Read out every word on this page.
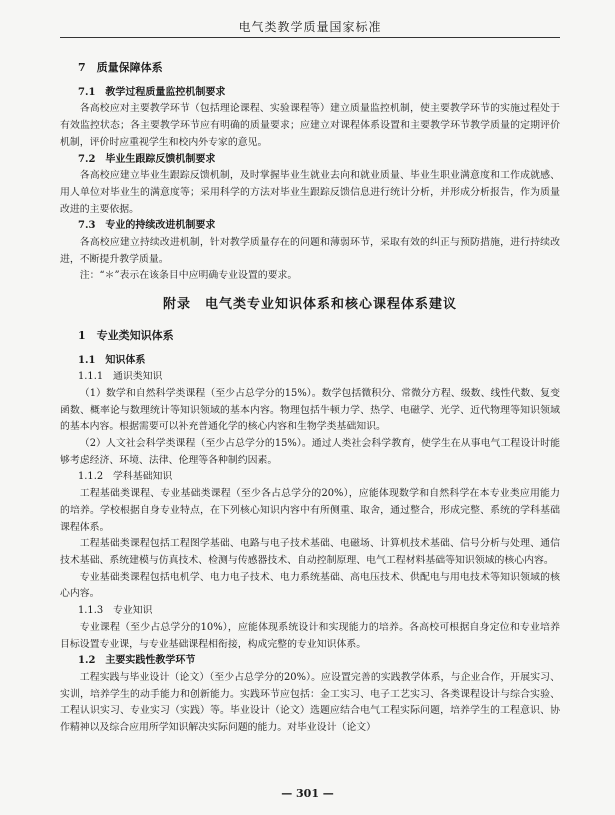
电气类教学质量国家标准

7　质量保障体系

7.1　教学过程质量监控机制要求

各高校应对主要教学环节（包括理论课程、实验课程等）建立质量监控机制，使主要教学环节的实施过程处于有效监控状态；各主要教学环节应有明确的质量要求；应建立对课程体系设置和主要教学环节教学质量的定期评价机制，评价时应重视学生和校内外专家的意见。

7.2　毕业生跟踪反馈机制要求

各高校应建立毕业生跟踪反馈机制，及时掌握毕业生就业去向和就业质量、毕业生职业满意度和工作成就感、用人单位对毕业生的满意度等；采用科学的方法对毕业生跟踪反馈信息进行统计分析，并形成分析报告，作为质量改进的主要依据。

7.3　专业的持续改进机制要求

各高校应建立持续改进机制，针对教学质量存在的问题和薄弱环节，采取有效的纠正与预防措施，进行持续改进，不断提升教学质量。

注：“＊”表示在该条目中应明确专业设置的要求。

附录　电气类专业知识体系和核心课程体系建议

1　专业类知识体系

1.1　知识体系

1.1.1　通识类知识

（1）数学和自然科学类课程（至少占总学分的15%）。数学包括微积分、常微分方程、级数、线性代数、复变函数、概率论与数理统计等知识领域的基本内容。物理包括牛顿力学、热学、电磁学、光学、近代物理等知识领域的基本内容。根据需要可以补充普通化学的核心内容和生物学类基础知识。

（2）人文社会科学类课程（至少占总学分的15%）。通过人类社会科学教育，使学生在从事电气工程设计时能够考虑经济、环境、法律、伦理等各种制约因素。

1.1.2　学科基础知识

工程基础类课程、专业基础类课程（至少各占总学分的20%），应能体现数学和自然科学在本专业类应用能力的培养。学校根据自身专业特点，在下列核心知识内容中有所侧重、取舍，通过整合，形成完整、系统的学科基础课程体系。

工程基础类课程包括工程图学基础、电路与电子技术基础、电磁场、计算机技术基础、信号分析与处理、通信技术基础、系统建模与仿真技术、检测与传感器技术、自动控制原理、电气工程材料基础等知识领域的核心内容。

专业基础类课程包括电机学、电力电子技术、电力系统基础、高电压技术、供配电与用电技术等知识领域的核心内容。

1.1.3　专业知识

专业课程（至少占总学分的10%），应能体现系统设计和实现能力的培养。各高校可根据自身定位和专业培养目标设置专业课，与专业基础课程相衔接，构成完整的专业知识体系。

1.2　主要实践性教学环节

工程实践与毕业设计（论文）（至少占总学分的20%）。应设置完善的实践教学体系，与企业合作，开展实习、实训，培养学生的动手能力和创新能力。实践环节应包括：金工实习、电子工艺实习、各类课程设计与综合实验、工程认识实习、专业实习（实践）等。毕业设计（论文）选题应结合电气工程实际问题，培养学生的工程意识、协作精神以及综合应用所学知识解决实际问题的能力。对毕业设计（论文）

— 301 —
